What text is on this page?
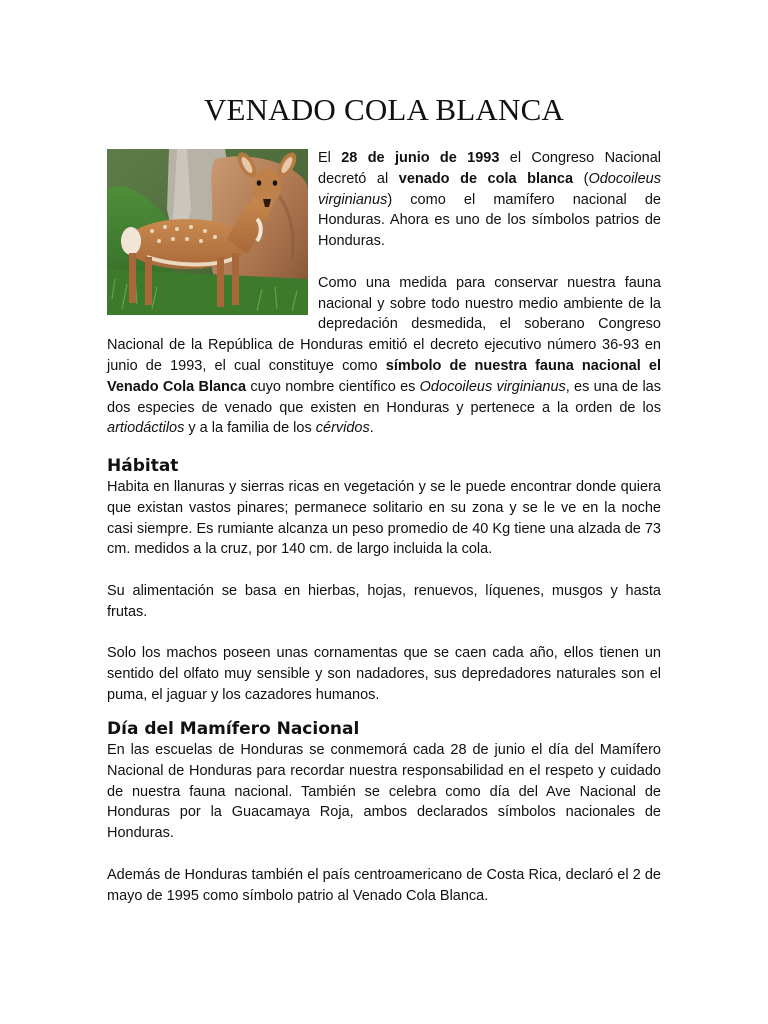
VENADO COLA BLANCA

El 28 de junio de 1993 el Congreso Nacional decretó al venado de cola blanca (Odocoileus virginianus) como el mamífero nacional de Honduras. Ahora es uno de los símbolos patrios de Honduras.

Como una medida para conservar nuestra fauna nacional y sobre todo nuestro medio ambiente de la depredación desmedida, el soberano Congreso Nacional de la República de Honduras emitió el decreto ejecutivo número 36-93 en junio de 1993, el cual constituye como símbolo de nuestra fauna nacional el Venado Cola Blanca cuyo nombre científico es Odocoileus virginianus, es una de las dos especies de venado que existen en Honduras y pertenece a la orden de los artiodáctilos y a la familia de los cérvidos.

Hábitat

Habita en llanuras y sierras ricas en vegetación y se le puede encontrar donde quiera que existan vastos pinares; permanece solitario en su zona y se le ve en la noche casi siempre. Es rumiante alcanza un peso promedio de 40 Kg tiene una alzada de 73 cm. medidos a la cruz, por 140 cm. de largo incluida la cola.

Su alimentación se basa en hierbas, hojas, renuevos, líquenes, musgos y hasta frutas.

Solo los machos poseen unas cornamentas que se caen cada año, ellos tienen un sentido del olfato muy sensible y son nadadores, sus depredadores naturales son el puma, el jaguar y los cazadores humanos.

Día del Mamífero Nacional

En las escuelas de Honduras se conmemorá cada 28 de junio el día del Mamífero Nacional de Honduras para recordar nuestra responsabilidad en el respeto y cuidado de nuestra fauna nacional. También se celebra como día del Ave Nacional de Honduras por la Guacamaya Roja, ambos declarados símbolos nacionales de Honduras.

Además de Honduras también el país centroamericano de Costa Rica, declaró el 2 de mayo de 1995 como símbolo patrio al Venado Cola Blanca.
